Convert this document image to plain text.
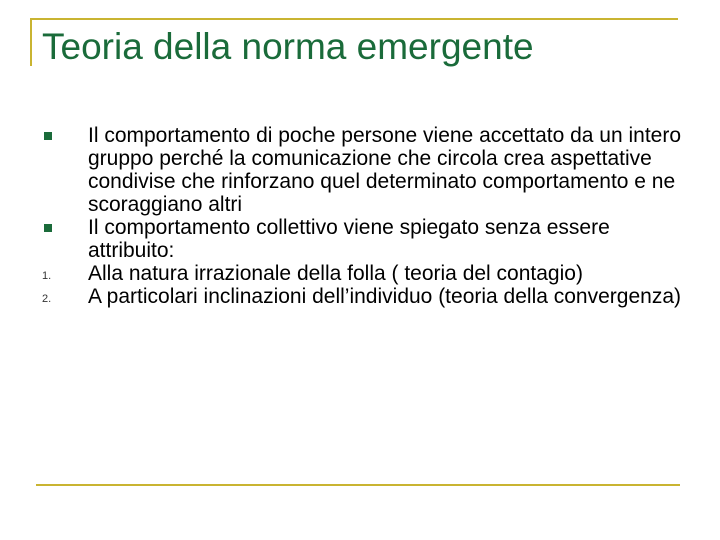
Teoria della norma emergente
Il comportamento di poche persone viene accettato da un intero gruppo perché la comunicazione che circola crea aspettative condivise che rinforzano quel determinato comportamento e ne scoraggiano altri
Il comportamento collettivo viene spiegato senza essere attribuito:
1. Alla natura irrazionale della folla ( teoria del contagio)
2. A particolari inclinazioni dell’individuo (teoria della convergenza)
